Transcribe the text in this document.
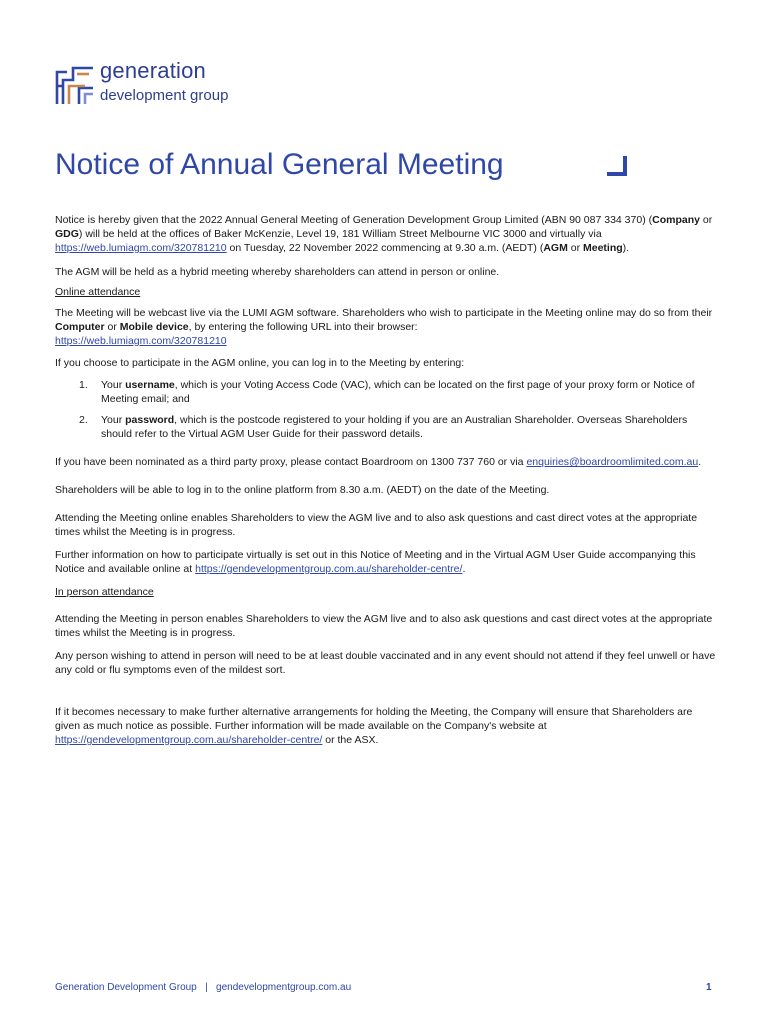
generation
development group
Notice of Annual General Meeting

Notice is hereby given that the 2022 Annual General Meeting of Generation Development Group Limited (ABN 90 087 334 370) (Company or GDG) will be held at the offices of Baker McKenzie, Level 19, 181 William Street Melbourne VIC 3000 and virtually via https://web.lumiagm.com/320781210 on Tuesday, 22 November 2022 commencing at 9.30 a.m. (AEDT) (AGM or Meeting).

The AGM will be held as a hybrid meeting whereby shareholders can attend in person or online.

Online attendance

The Meeting will be webcast live via the LUMI AGM software. Shareholders who wish to participate in the Meeting online may do so from their Computer or Mobile device, by entering the following URL into their browser:
https://web.lumiagm.com/320781210

If you choose to participate in the AGM online, you can log in to the Meeting by entering:

1. Your username, which is your Voting Access Code (VAC), which can be located on the first page of your proxy form or Notice of Meeting email; and
2. Your password, which is the postcode registered to your holding if you are an Australian Shareholder. Overseas Shareholders should refer to the Virtual AGM User Guide for their password details.

If you have been nominated as a third party proxy, please contact Boardroom on 1300 737 760 or via enquiries@boardroomlimited.com.au.

Shareholders will be able to log in to the online platform from 8.30 a.m. (AEDT) on the date of the Meeting.

Attending the Meeting online enables Shareholders to view the AGM live and to also ask questions and cast direct votes at the appropriate times whilst the Meeting is in progress.

Further information on how to participate virtually is set out in this Notice of Meeting and in the Virtual AGM User Guide accompanying this Notice and available online at https://gendevelopmentgroup.com.au/shareholder-centre/.

In person attendance

Attending the Meeting in person enables Shareholders to view the AGM live and to also ask questions and cast direct votes at the appropriate times whilst the Meeting is in progress.

Any person wishing to attend in person will need to be at least double vaccinated and in any event should not attend if they feel unwell or have any cold or flu symptoms even of the mildest sort.

If it becomes necessary to make further alternative arrangements for holding the Meeting, the Company will ensure that Shareholders are given as much notice as possible. Further information will be made available on the Company's website at https://gendevelopmentgroup.com.au/shareholder-centre/ or the ASX.

Generation Development Group | gendevelopmentgroup.com.au	1
